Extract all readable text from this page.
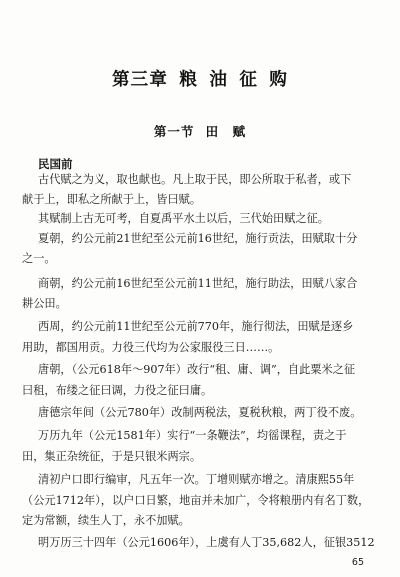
第三章 粮 油 征 购
第一节 田　赋
民国前
古代赋之为义，取也献也。凡上取于民，即公所取于私者，或下
献于上，即私之所献于上，皆曰赋。
其赋制上古无可考，自夏禹平水土以后，三代始田赋之征。
夏朝，约公元前21世纪至公元前16世纪，施行贡法，田赋取十分
之一。
商朝，约公元前16世纪至公元前11世纪，施行助法，田赋八家合
耕公田。
西周，约公元前11世纪至公元前770年，施行彻法，田赋是逐乡
用助，都国用贡。力役三代均为公家服役三日……。
唐朝，（公元618年～907年）改行“租、庸、调”，自此粟米之征
曰租，布缕之征曰调，力役之征曰庸。
唐德宗年间（公元780年）改制两税法，夏税秋粮，两丁役不废。
万历九年（公元1581年）实行“一条鞭法”，均徭课程，责之于
田，集正杂统征，于是只银米两宗。
清初户口即行编审，凡五年一次。丁增则赋亦增之。清康熙55年
（公元1712年），以户口日繁，地亩并未加广，令将粮册内有名丁数，
定为常额，续生人丁，永不加赋。
明万历三十四年（公元1606年），上虞有人丁35,682人，征银3512
65
